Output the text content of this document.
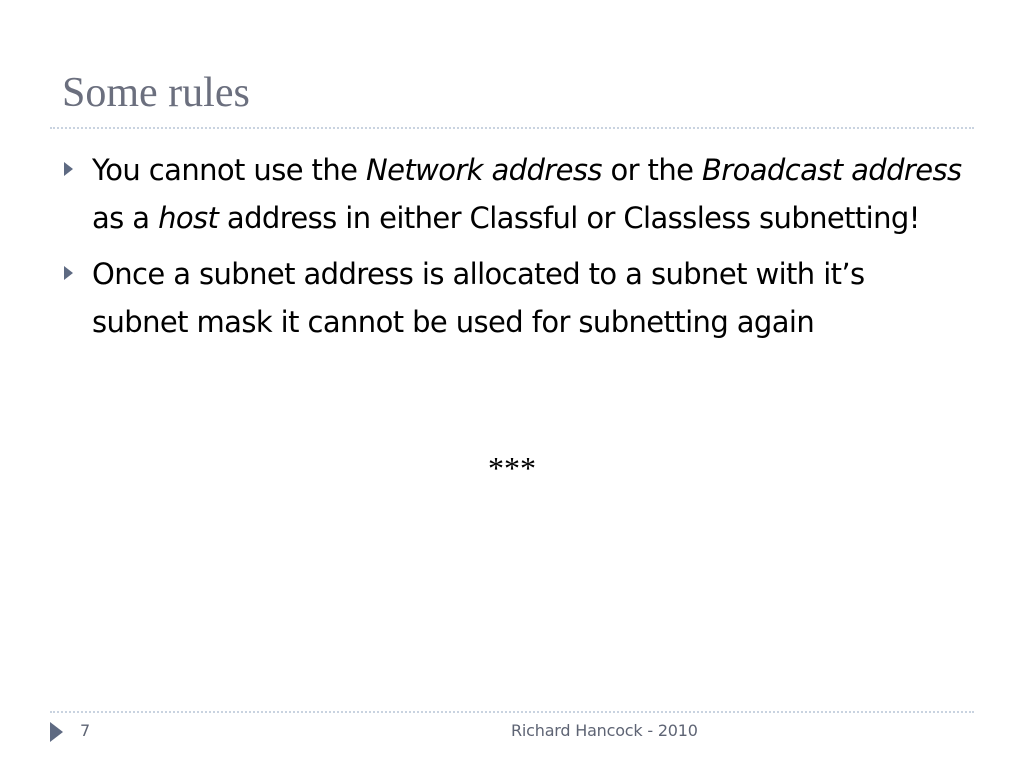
Some rules
You cannot use the Network address or the Broadcast address as a host address in either Classful or Classless subnetting!
Once a subnet address is allocated to a subnet with it’s subnet mask it cannot be used for subnetting again
***
7	Richard Hancock - 2010
